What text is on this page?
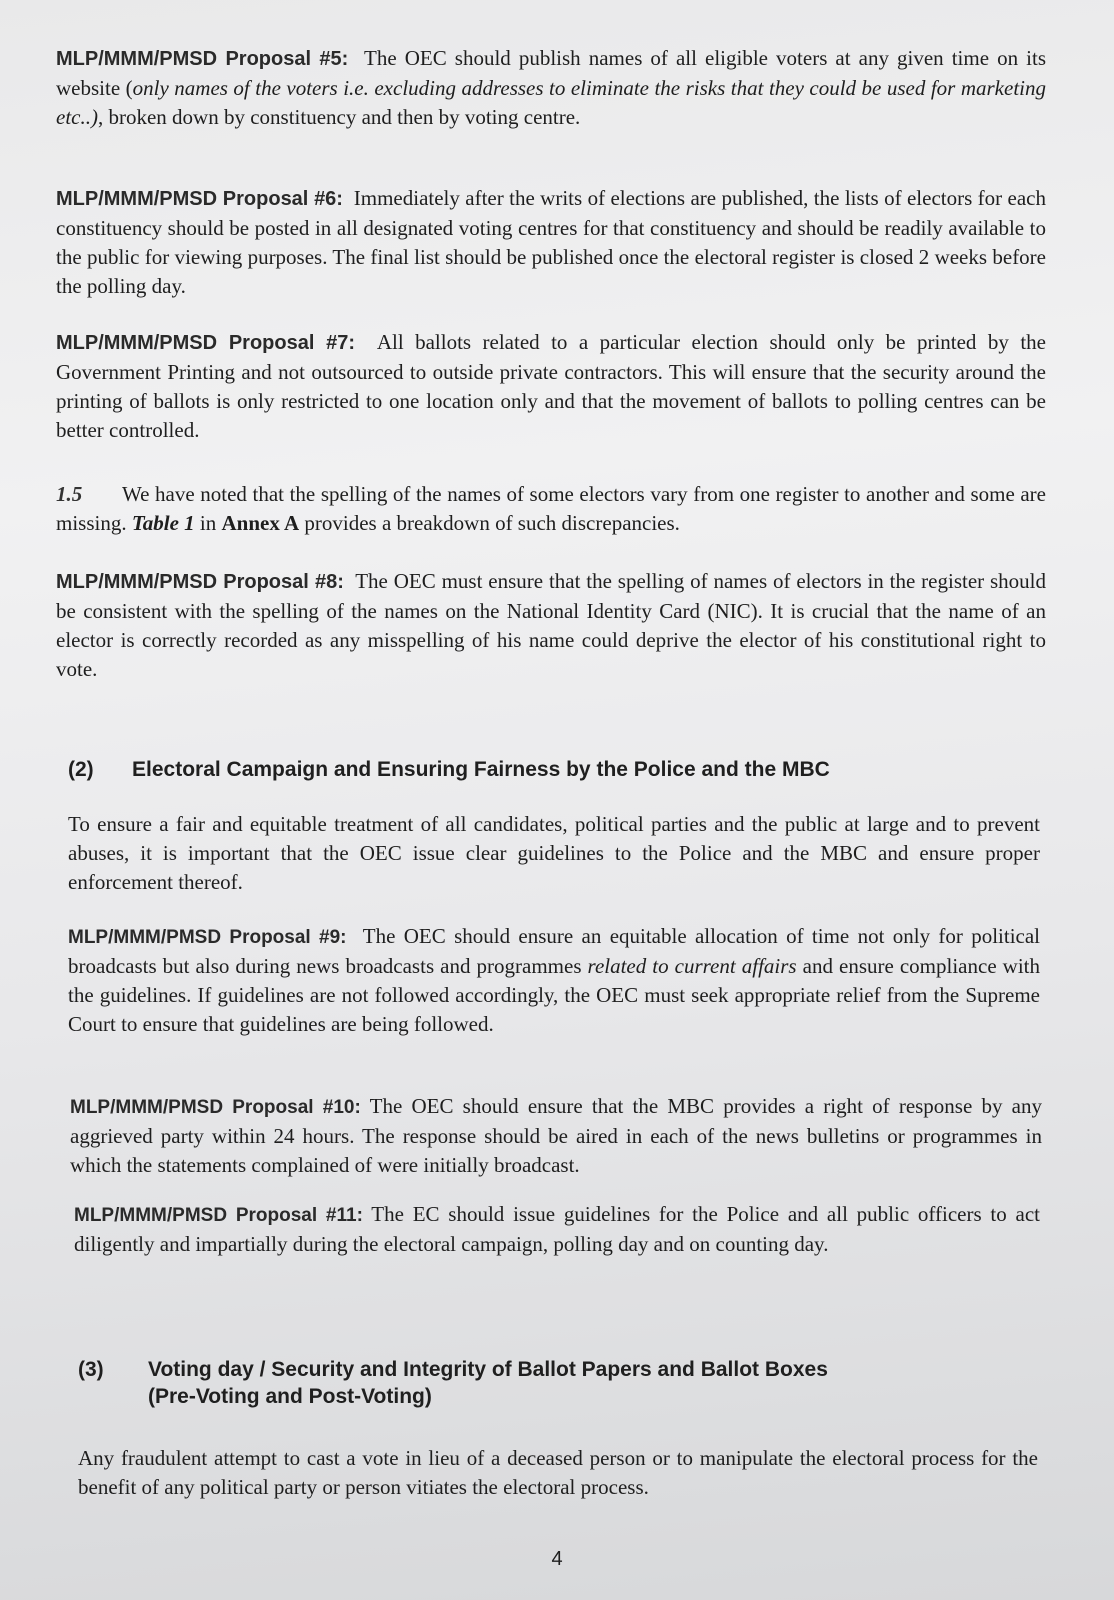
MLP/MMM/PMSD Proposal #5: The OEC should publish names of all eligible voters at any given time on its website (only names of the voters i.e. excluding addresses to eliminate the risks that they could be used for marketing etc..), broken down by constituency and then by voting centre.

MLP/MMM/PMSD Proposal #6: Immediately after the writs of elections are published, the lists of electors for each constituency should be posted in all designated voting centres for that constituency and should be readily available to the public for viewing purposes. The final list should be published once the electoral register is closed 2 weeks before the polling day.

MLP/MMM/PMSD Proposal #7: All ballots related to a particular election should only be printed by the Government Printing and not outsourced to outside private contractors. This will ensure that the security around the printing of ballots is only restricted to one location only and that the movement of ballots to polling centres can be better controlled.

1.5 We have noted that the spelling of the names of some electors vary from one register to another and some are missing. Table 1 in Annex A provides a breakdown of such discrepancies.

MLP/MMM/PMSD Proposal #8: The OEC must ensure that the spelling of names of electors in the register should be consistent with the spelling of the names on the National Identity Card (NIC). It is crucial that the name of an elector is correctly recorded as any misspelling of his name could deprive the elector of his constitutional right to vote.

(2) Electoral Campaign and Ensuring Fairness by the Police and the MBC

To ensure a fair and equitable treatment of all candidates, political parties and the public at large and to prevent abuses, it is important that the OEC issue clear guidelines to the Police and the MBC and ensure proper enforcement thereof.

MLP/MMM/PMSD Proposal #9: The OEC should ensure an equitable allocation of time not only for political broadcasts but also during news broadcasts and programmes related to current affairs and ensure compliance with the guidelines. If guidelines are not followed accordingly, the OEC must seek appropriate relief from the Supreme Court to ensure that guidelines are being followed.

MLP/MMM/PMSD Proposal #10: The OEC should ensure that the MBC provides a right of response by any aggrieved party within 24 hours. The response should be aired in each of the news bulletins or programmes in which the statements complained of were initially broadcast.

MLP/MMM/PMSD Proposal #11: The EC should issue guidelines for the Police and all public officers to act diligently and impartially during the electoral campaign, polling day and on counting day.

(3) Voting day / Security and Integrity of Ballot Papers and Ballot Boxes
(Pre-Voting and Post-Voting)

Any fraudulent attempt to cast a vote in lieu of a deceased person or to manipulate the electoral process for the benefit of any political party or person vitiates the electoral process.

4
